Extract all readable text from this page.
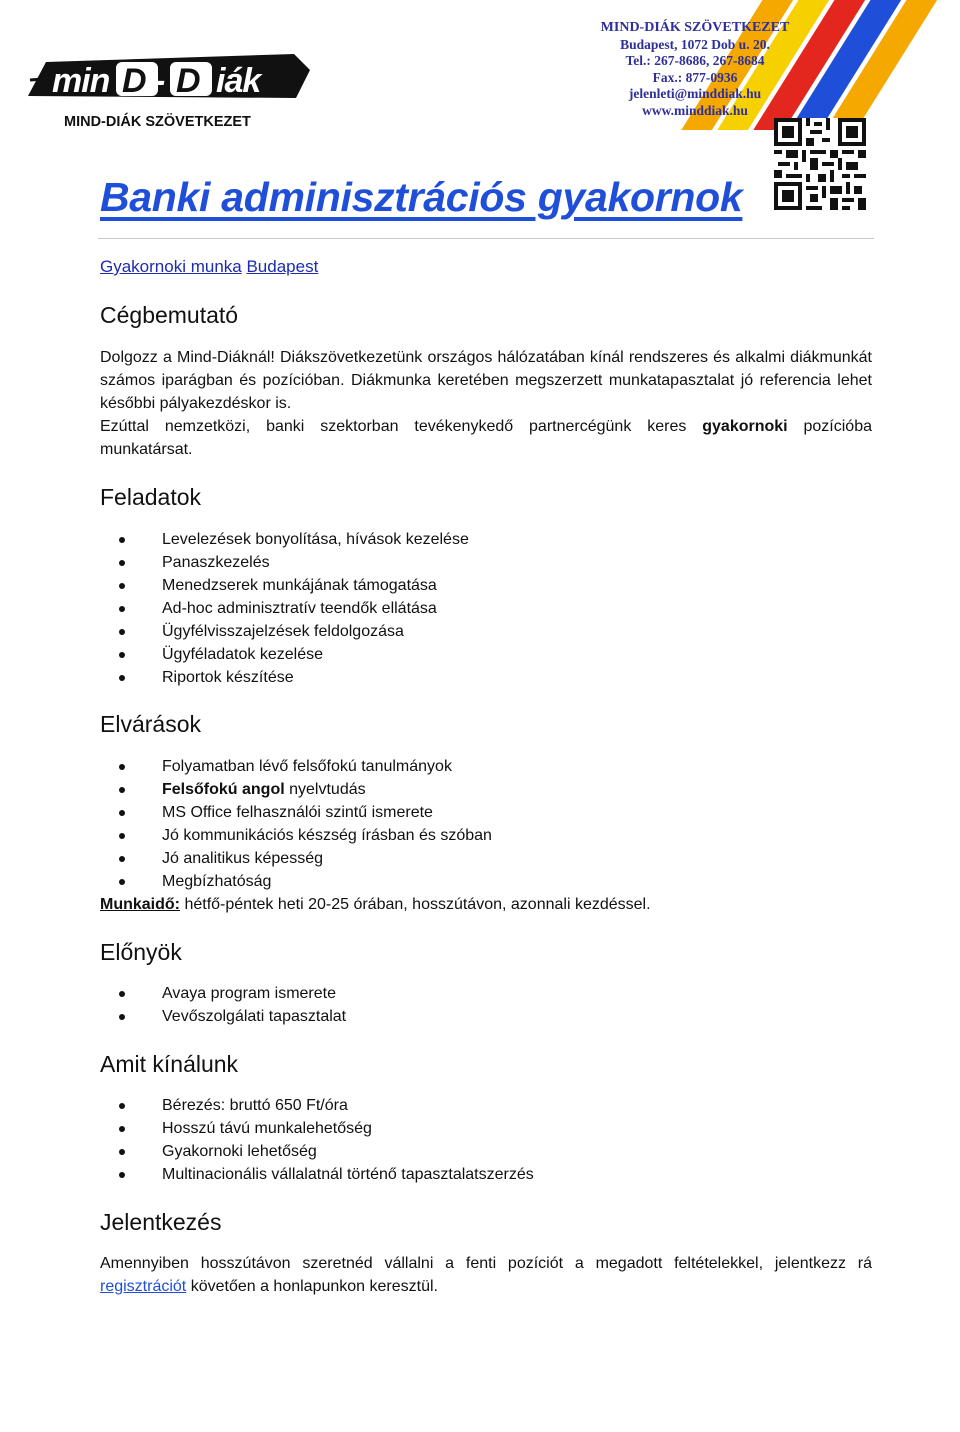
min D - D iák
MIND-DIÁK SZÖVETKEZET
MIND-DIÁK SZÖVETKEZET
Budapest, 1072 Dob u. 20.
Tel.: 267-8686, 267-8684
Fax.: 877-0936
jelenleti@minddiak.hu
www.minddiak.hu
Banki adminisztrációs gyakornok
Gyakornoki munka Budapest
Cégbemutató

Dolgozz a Mind-Diáknál! Diákszövetkezetünk országos hálózatában kínál rendszeres és alkalmi diákmunkát számos iparágban és pozícióban. Diákmunka keretében megszerzett munkatapasztalat jó referencia lehet későbbi pályakezdéskor is.

Ezúttal nemzetközi, banki szektorban tevékenykedő partnercégünk keres gyakornoki pozícióba munkatársat.

Feladatok
Levelezések bonyolítása, hívások kezelése
Panaszkezelés
Menedzserek munkájának támogatása
Ad-hoc adminisztratív teendők ellátása
Ügyfélvisszajelzések feldolgozása
Ügyféladatok kezelése
Riportok készítése
Elvárások
Folyamatban lévő felsőfokú tanulmányok
Felsőfokú angol nyelvtudás
MS Office felhasználói szintű ismerete
Jó kommunikációs készség írásban és szóban
Jó analitikus képesség
Megbízhatóság
Munkaidő: hétfő-péntek heti 20-25 órában, hosszútávon, azonnali kezdéssel.
Előnyök
Avaya program ismerete
Vevőszolgálati tapasztalat
Amit kínálunk
Bérezés: bruttó 650 Ft/óra
Hosszú távú munkalehetőség
Gyakornoki lehetőség
Multinacionális vállalatnál történő tapasztalatszerzés
Jelentkezés

Amennyiben hosszútávon szeretnéd vállalni a fenti pozíciót a megadott feltételekkel, jelentkezz rá regisztrációt követően a honlapunkon keresztül.
